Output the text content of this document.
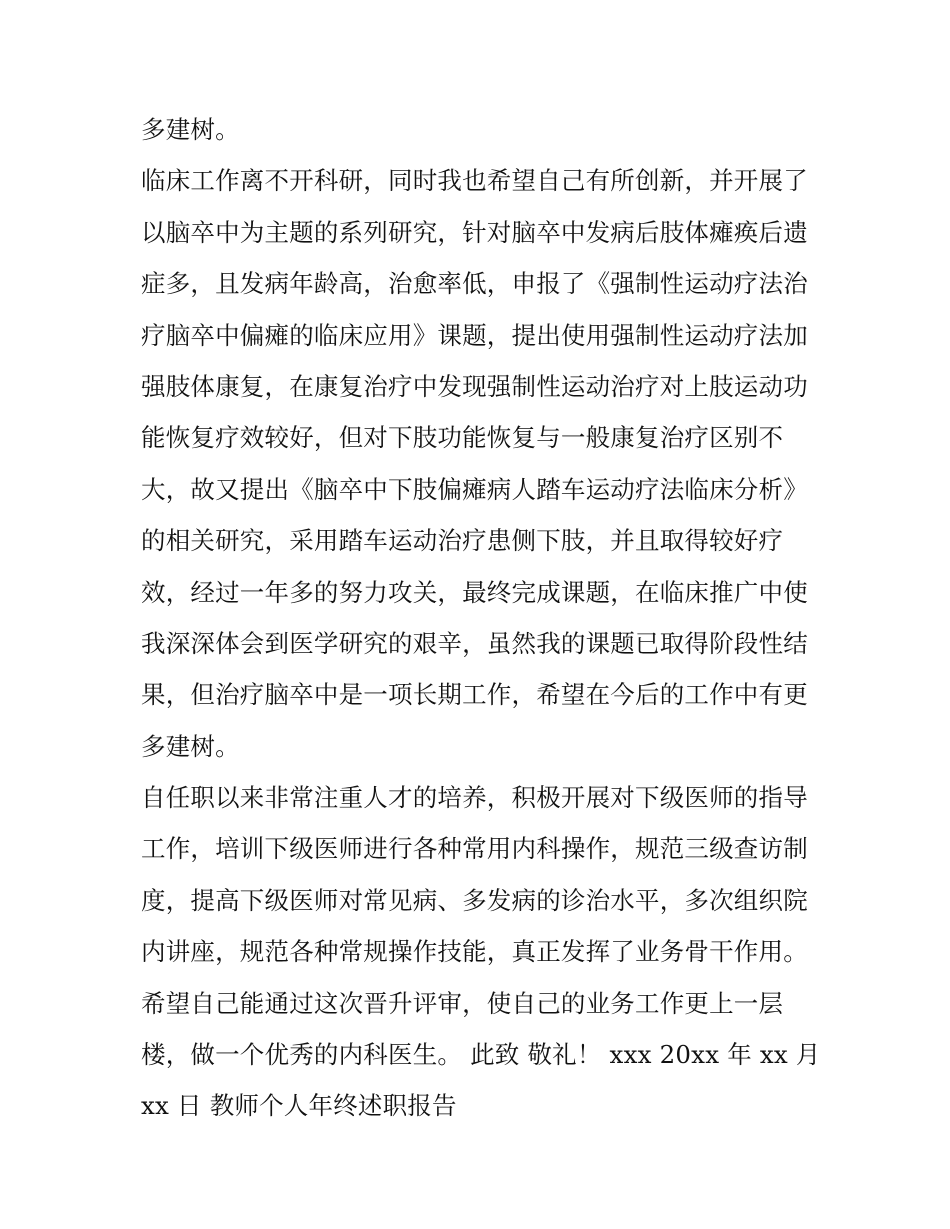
多建树。
临床工作离不开科研，同时我也希望自己有所创新，并开展了
以脑卒中为主题的系列研究，针对脑卒中发病后肢体瘫痪后遗
症多，且发病年龄高，治愈率低，申报了《强制性运动疗法治
疗脑卒中偏瘫的临床应用》课题，提出使用强制性运动疗法加
强肢体康复，在康复治疗中发现强制性运动治疗对上肢运动功
能恢复疗效较好，但对下肢功能恢复与一般康复治疗区别不
大，故又提出《脑卒中下肢偏瘫病人踏车运动疗法临床分析》
的相关研究，采用踏车运动治疗患侧下肢，并且取得较好疗
效，经过一年多的努力攻关，最终完成课题，在临床推广中使
我深深体会到医学研究的艰辛，虽然我的课题已取得阶段性结
果，但治疗脑卒中是一项长期工作，希望在今后的工作中有更
多建树。
自任职以来非常注重人才的培养，积极开展对下级医师的指导
工作，培训下级医师进行各种常用内科操作，规范三级查访制
度，提高下级医师对常见病、多发病的诊治水平，多次组织院
内讲座，规范各种常规操作技能，真正发挥了业务骨干作用。
希望自己能通过这次晋升评审，使自己的业务工作更上一层
楼，做一个优秀的内科医生。 此致 敬礼！ xxx 20xx 年 xx 月
xx 日 教师个人年终述职报告
